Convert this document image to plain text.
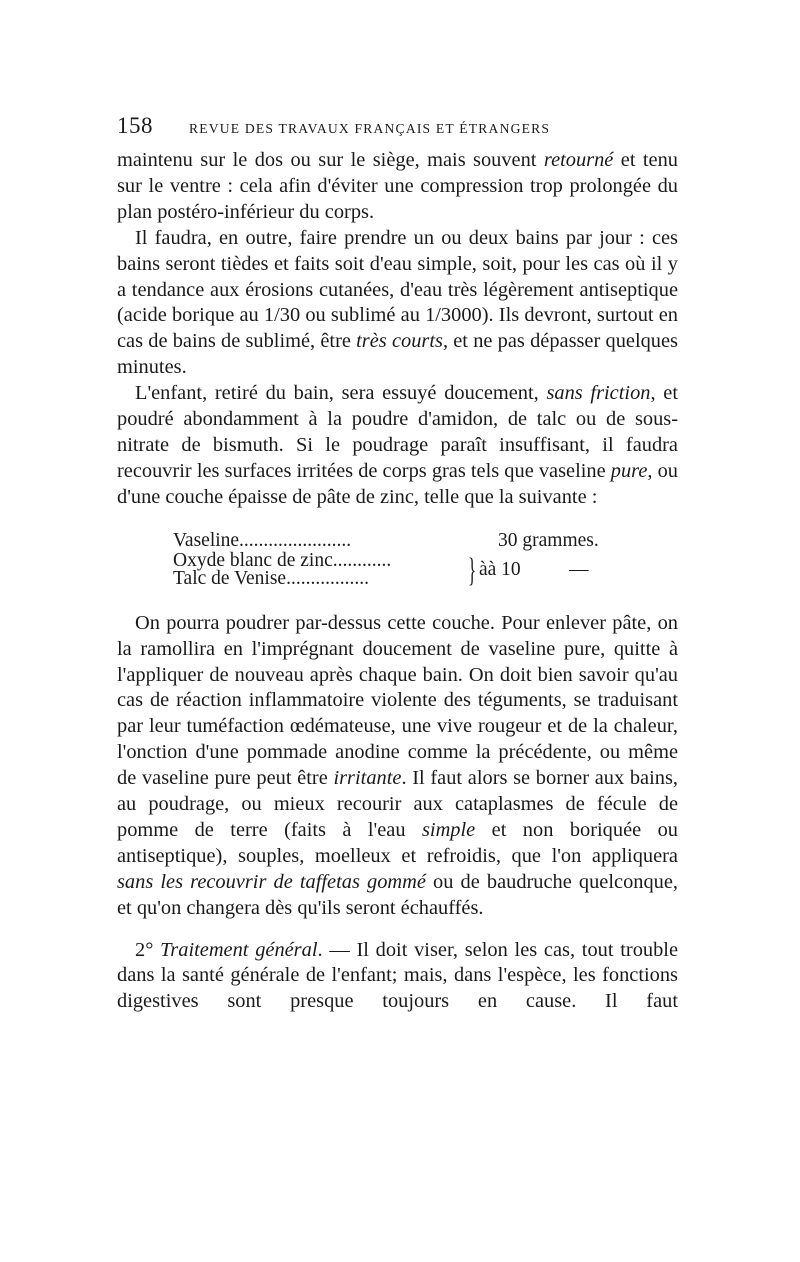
158	REVUE DES TRAVAUX FRANÇAIS ET ÉTRANGERS

maintenu sur le dos ou sur le siège, mais souvent retourné et tenu sur le ventre : cela afin d'éviter une compression trop prolongée du plan postéro-inférieur du corps.

Il faudra, en outre, faire prendre un ou deux bains par jour : ces bains seront tièdes et faits soit d'eau simple, soit, pour les cas où il y a tendance aux érosions cutanées, d'eau très légèrement antiseptique (acide borique au 1/30 ou sublimé au 1/3000). Ils devront, surtout en cas de bains de sublimé, être très courts, et ne pas dépasser quelques minutes.

L'enfant, retiré du bain, sera essuyé doucement, sans friction, et poudré abondamment à la poudre d'amidon, de talc ou de sous-nitrate de bismuth. Si le poudrage paraît insuffisant, il faudra recouvrir les surfaces irritées de corps gras tels que vaseline pure, ou d'une couche épaisse de pâte de zinc, telle que la suivante :

Vaseline.......................	30 grammes.
Oxyde blanc de zinc............
Talc de Venise.................	} àà 10 —

On pourra poudrer par-dessus cette couche. Pour enlever pâte, on la ramollira en l'imprégnant doucement de vaseline pure, quitte à l'appliquer de nouveau après chaque bain. On doit bien savoir qu'au cas de réaction inflammatoire violente des téguments, se traduisant par leur tuméfaction œdémateuse, une vive rougeur et de la chaleur, l'onction d'une pommade anodine comme la précédente, ou même de vaseline pure peut être irritante. Il faut alors se borner aux bains, au poudrage, ou mieux recourir aux cataplasmes de fécule de pomme de terre (faits à l'eau simple et non boriquée ou antiseptique), souples, moelleux et refroidis, que l'on appliquera sans les recouvrir de taffetas gommé ou de baudruche quelconque, et qu'on changera dès qu'ils seront échauffés.

2° Traitement général. — Il doit viser, selon les cas, tout trouble dans la santé générale de l'enfant; mais, dans l'espèce, les fonctions digestives sont presque toujours en cause. Il faut
